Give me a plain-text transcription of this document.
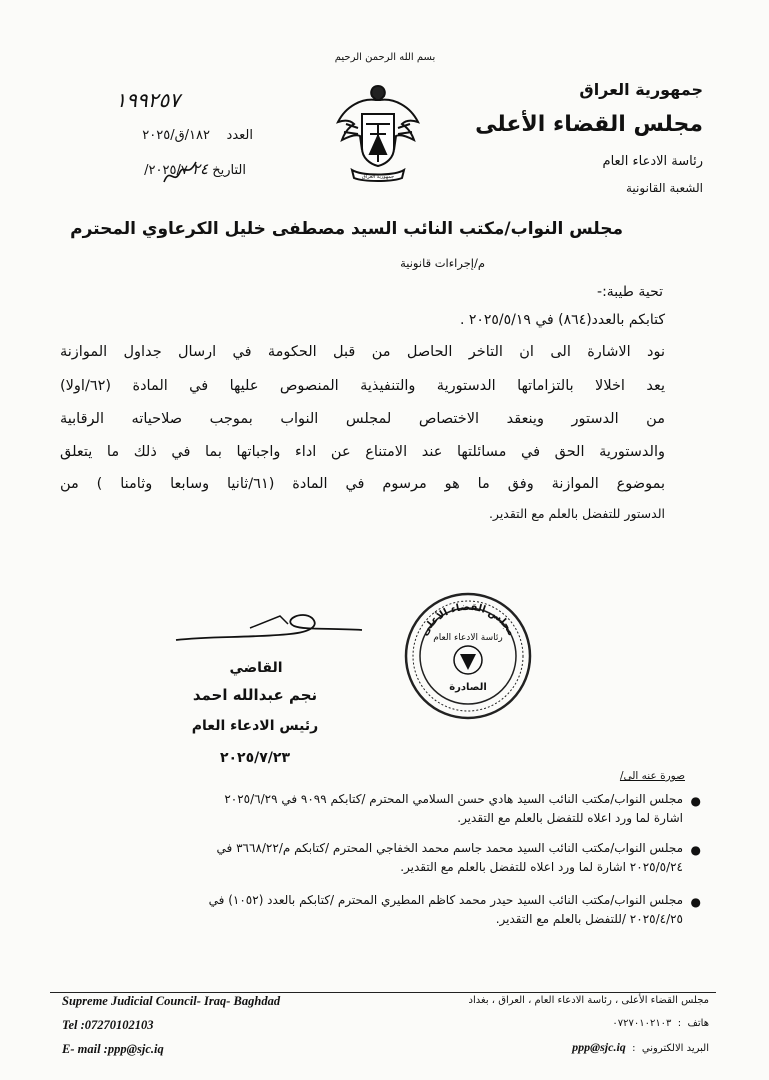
بسم الله الرحمن الرحيم
جمهورية العراق
مجلس القضاء الأعلى
رئاسة الادعاء العام
الشعبة القانونية
جمهورية العراق
١٩٩٢٥٧
العدد    ١٨٢/ق/٢٠٢٥
التاريخ ٢٤ ٢٠٢٥/٧/
مجلس النواب/مكتب النائب السيد مصطفى خليل الكرعاوي المحترم
م/إجراءات قانونية
تحية طيبة:-
كتابكم بالعدد(٨٦٤) في ٢٠٢٥/٥/١٩ .
نود الاشارة الى ان التاخر الحاصل من قبل الحكومة في ارسال جداول الموازنة
يعد اخلالا بالتزاماتها الدستورية والتنفيذية المنصوص عليها في المادة (٦٢/اولا)
من الدستور وينعقد الاختصاص لمجلس النواب بموجب صلاحياته الرقابية
والدستورية الحق في مسائلتها عند الامتناع عن اداء واجباتها بما في ذلك ما يتعلق
بموضوع الموازنة وفق ما هو مرسوم في المادة (٦١/ثانيا وسابعا وثامنا ) من
الدستور للتفضل بالعلم مع التقدير.
مجلس القضاء الأعلى
رئاسة الادعاء العام
الصادرة
القاضي
نجم عبدالله احمد
رئيس الادعاء العام
٢٠٢٥/٧/٢٣
صورة عنه الى/
●
مجلس النواب/مكتب النائب السيد هادي حسن السلامي المحترم /كتابكم ٩٠٩٩ في ٢٠٢٥/٦/٢٩
اشارة لما ورد اعلاه للتفضل بالعلم مع التقدير.
●
مجلس النواب/مكتب النائب السيد محمد جاسم محمد الخفاجي المحترم /كتابكم م/٣٦٦٨/٢٢ في
٢٠٢٥/٥/٢٤ اشارة لما ورد اعلاه للتفضل بالعلم مع التقدير.
●
مجلس النواب/مكتب النائب السيد حيدر محمد كاظم المطيري المحترم /كتابكم بالعدد (١٠٥٢) في
٢٠٢٥/٤/٢٥ /للتفضل بالعلم مع التقدير.
Supreme Judicial Council- Iraq- Baghdad
Tel :07270102103
E- mail :ppp@sjc.iq
مجلس القضاء الأعلى ، رئاسة الادعاء العام ، العراق ، بغداد
هاتف  :  ٠٧٢٧٠١٠٢١٠٣
البريد الالكتروني  :  ppp@sjc.iq
